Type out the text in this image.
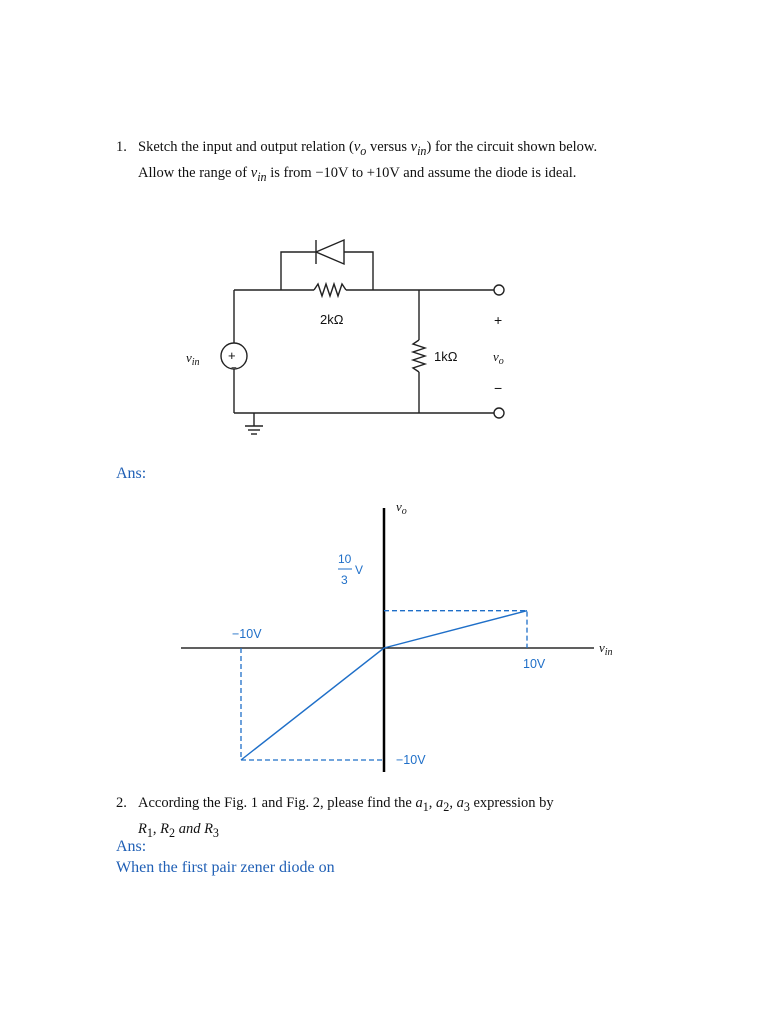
1. Sketch the input and output relation ($v_o$ versus $v_{in}$) for the circuit shown below.
Allow the range of $v_{in}$ is from −10V to +10V and assume the diode is ideal.
+
−
2kΩ
1kΩ
$v_{in}$
+
−
$v_o$
Ans:
$v_{in}$
$v_o$
10V
−10V
−10V
10
3
V
2. According the Fig. 1 and Fig. 2, please find the $a_1$, $a_2$, $a_3$ expression by
$R_1$, $R_2$ and $R_3$
Ans:
When the first pair zener diode on
